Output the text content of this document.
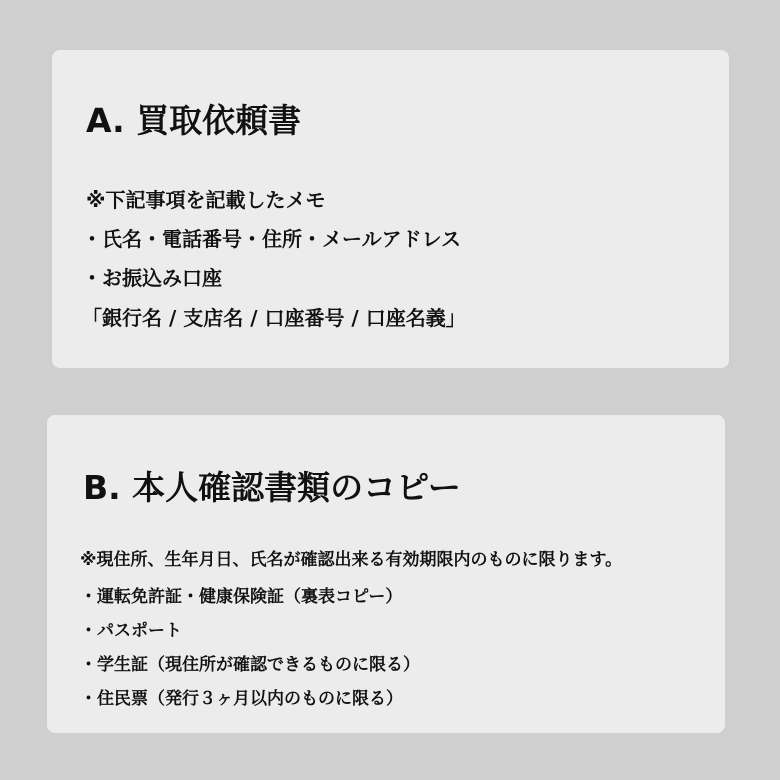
A. 買取依頼書

※下記事項を記載したメモ

・氏名・電話番号・住所・メールアドレス

・お振込み口座

「銀行名 / 支店名 / 口座番号 / 口座名義」

B. 本人確認書類のコピー

※現住所、生年月日、氏名が確認出来る有効期限内のものに限ります。

・運転免許証・健康保険証（裏表コピー）

・パスポート

・学生証（現住所が確認できるものに限る）

・住民票（発行３ヶ月以内のものに限る）
